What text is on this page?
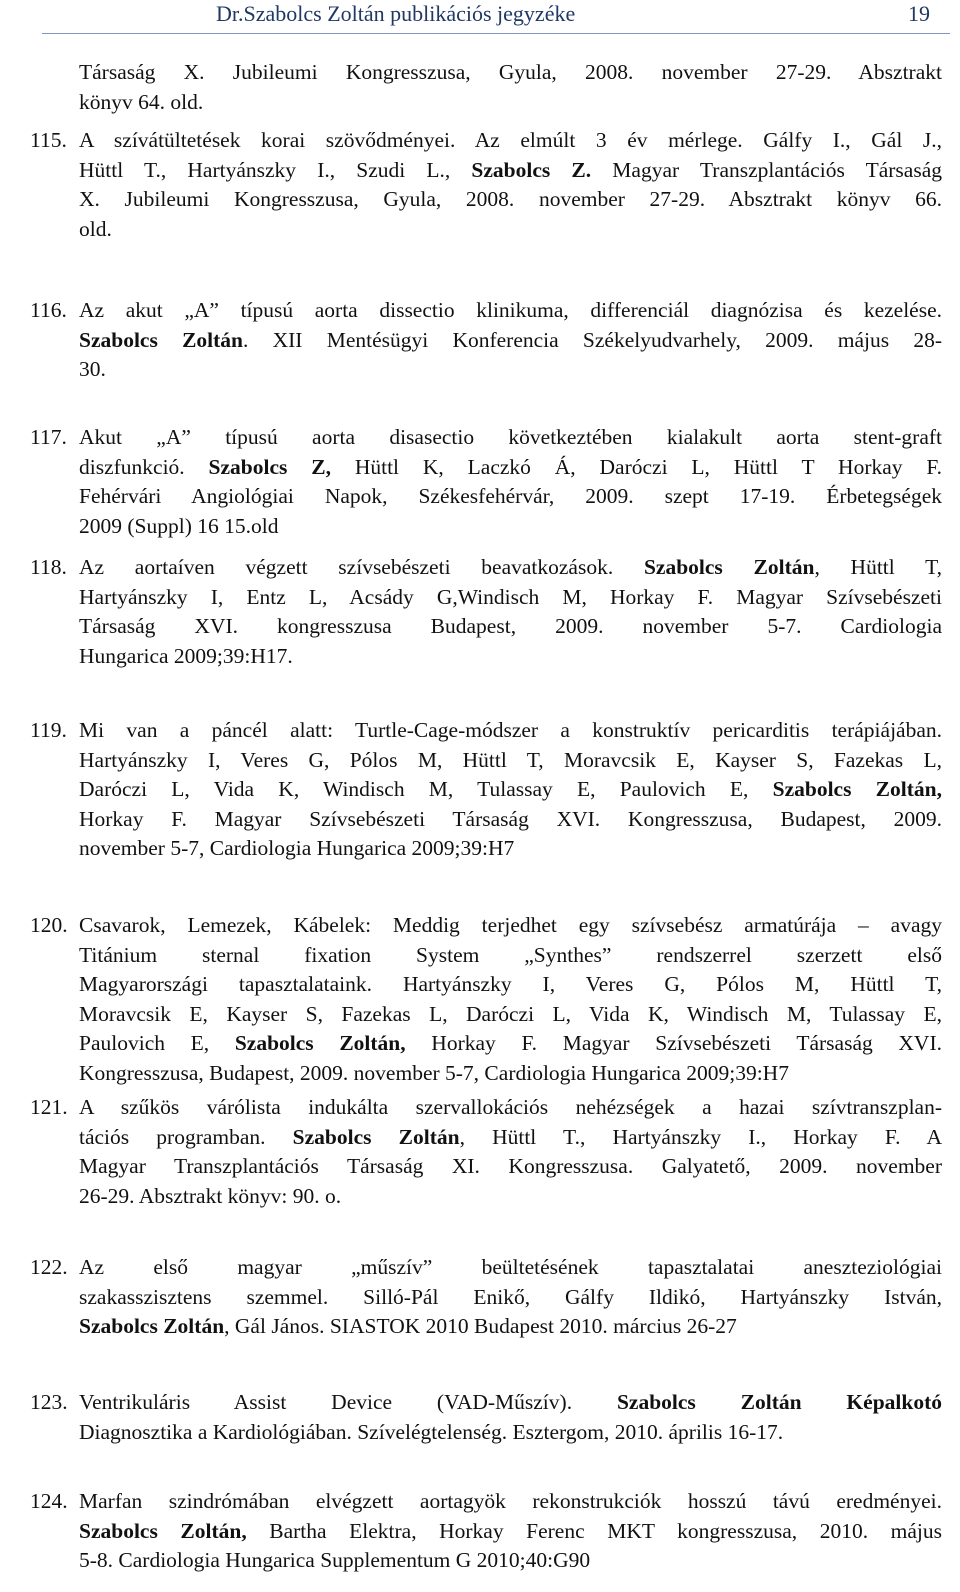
Dr.Szabolcs Zoltán publikációs jegyzéke	19
Társaság X. Jubileumi Kongresszusa, Gyula, 2008. november 27-29. Absztrakt
könyv 64. old.
115. A szívátültetések korai szövődményei. Az elmúlt 3 év mérlege. Gálfy I., Gál J.,
Hüttl T., Hartyánszky I., Szudi L., Szabolcs Z. Magyar Transzplantációs Társaság
X. Jubileumi Kongresszusa, Gyula, 2008. november 27-29. Absztrakt könyv 66.
old.
116. Az akut „A” típusú aorta dissectio klinikuma, differenciál diagnózisa és kezelése.
Szabolcs Zoltán. XII Mentésügyi Konferencia Székelyudvarhely, 2009. május 28-
30.
117. Akut „A” típusú aorta disasectio következtében kialakult aorta stent-graft
diszfunkció. Szabolcs Z, Hüttl K, Laczkó Á, Daróczi L, Hüttl T Horkay F.
Fehérvári Angiológiai Napok, Székesfehérvár, 2009. szept 17-19. Érbetegségek
2009 (Suppl) 16 15.old
118. Az aortaíven végzett szívsebészeti beavatkozások. Szabolcs Zoltán, Hüttl T,
Hartyánszky I, Entz L, Acsády G,Windisch M, Horkay F. Magyar Szívsebészeti
Társaság XVI. kongresszusa Budapest, 2009. november 5-7. Cardiologia
Hungarica 2009;39:H17.
119. Mi van a páncél alatt: Turtle-Cage-módszer a konstruktív pericarditis terápiájában.
Hartyánszky I, Veres G, Pólos M, Hüttl T, Moravcsik E, Kayser S, Fazekas L,
Daróczi L, Vida K, Windisch M, Tulassay E, Paulovich E, Szabolcs Zoltán,
Horkay F. Magyar Szívsebészeti Társaság XVI. Kongresszusa, Budapest, 2009.
november 5-7, Cardiologia Hungarica 2009;39:H7
120. Csavarok, Lemezek, Kábelek: Meddig terjedhet egy szívsebész armatúrája – avagy
Titánium sternal fixation System „Synthes” rendszerrel szerzett első
Magyarországi tapasztalataink. Hartyánszky I, Veres G, Pólos M, Hüttl T,
Moravcsik E, Kayser S, Fazekas L, Daróczi L, Vida K, Windisch M, Tulassay E,
Paulovich E, Szabolcs Zoltán, Horkay F. Magyar Szívsebészeti Társaság XVI.
Kongresszusa, Budapest, 2009. november 5-7, Cardiologia Hungarica 2009;39:H7
121. A szűkös várólista indukálta szervallokációs nehézségek a hazai szívtranszplan-
tációs programban. Szabolcs Zoltán, Hüttl T., Hartyánszky I., Horkay F. A
Magyar Transzplantációs Társaság XI. Kongresszusa. Galyatető, 2009. november
26-29. Absztrakt könyv: 90. o.
122. Az első magyar „műszív” beültetésének tapasztalatai aneszteziológiai
szakasszisztens szemmel. Silló-Pál Enikő, Gálfy Ildikó, Hartyánszky István,
Szabolcs Zoltán, Gál János. SIASTOK 2010 Budapest 2010. március 26-27
123. Ventrikuláris Assist Device (VAD-Műszív). Szabolcs Zoltán Képalkotó
Diagnosztika a Kardiológiában. Szívelégtelenség. Esztergom, 2010. április 16-17.
124. Marfan szindrómában elvégzett aortagyök rekonstrukciók hosszú távú eredményei.
Szabolcs Zoltán, Bartha Elektra, Horkay Ferenc MKT kongresszusa, 2010. május
5-8. Cardiologia Hungarica Supplementum G 2010;40:G90
